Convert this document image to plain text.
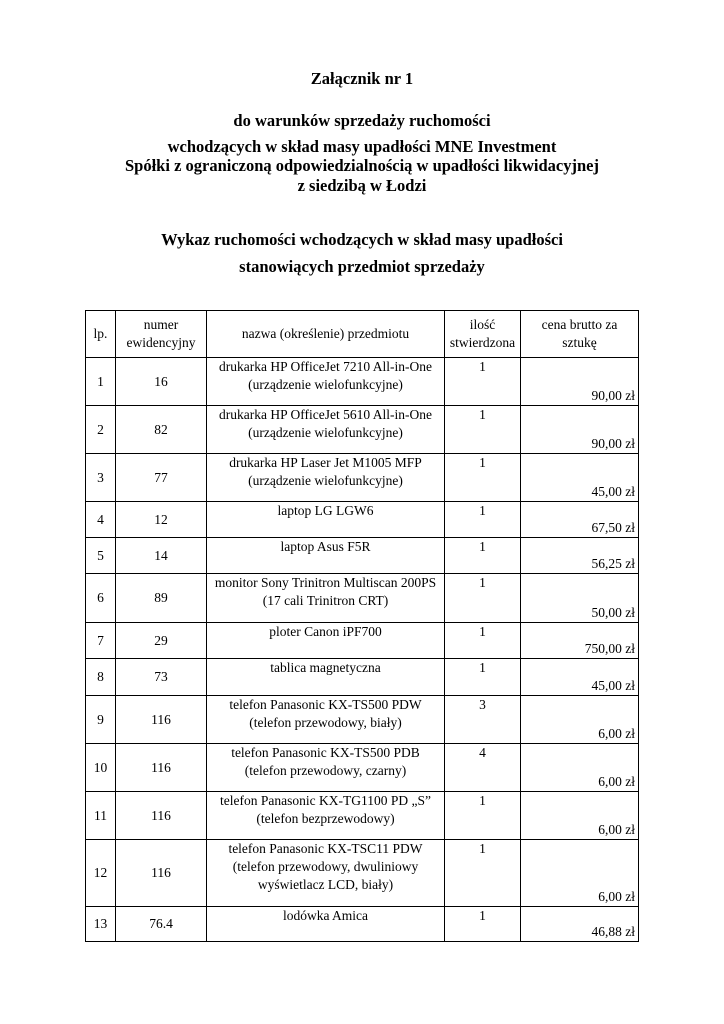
Załącznik nr 1
do warunków sprzedaży ruchomości
wchodzących w skład masy upadłości MNE Investment
Spółki z ograniczoną odpowiedzialnością w upadłości likwidacyjnej
z siedzibą w Łodzi
Wykaz ruchomości wchodzących w skład masy upadłości
stanowiących przedmiot sprzedaży
lp.	numer
ewidencyjny	nazwa (określenie) przedmiotu	ilość
stwierdzona	cena brutto za sztukę
1	16	drukarka HP OfficeJet 7210 All-in-One
(urządzenie wielofunkcyjne)	1	90,00 zł
2	82	drukarka HP OfficeJet 5610 All-in-One
(urządzenie wielofunkcyjne)	1	90,00 zł
3	77	drukarka HP Laser Jet M1005 MFP
(urządzenie wielofunkcyjne)	1	45,00 zł
4	12	laptop LG LGW6	1	67,50 zł
5	14	laptop Asus F5R	1	56,25 zł
6	89	monitor Sony Trinitron Multiscan 200PS
(17 cali Trinitron CRT)	1	50,00 zł
7	29	ploter Canon iPF700	1	750,00 zł
8	73	tablica magnetyczna	1	45,00 zł
9	116	telefon Panasonic KX-TS500 PDW
(telefon przewodowy, biały)	3	6,00 zł
10	116	telefon Panasonic KX-TS500 PDB
(telefon przewodowy, czarny)	4	6,00 zł
11	116	telefon Panasonic KX-TG1100 PD „S”
(telefon bezprzewodowy)	1	6,00 zł
12	116	telefon Panasonic KX-TSC11 PDW
(telefon przewodowy, dwuliniowy
wyświetlacz LCD, biały)	1	6,00 zł
13	76.4	lodówka Amica	1	46,88 zł
